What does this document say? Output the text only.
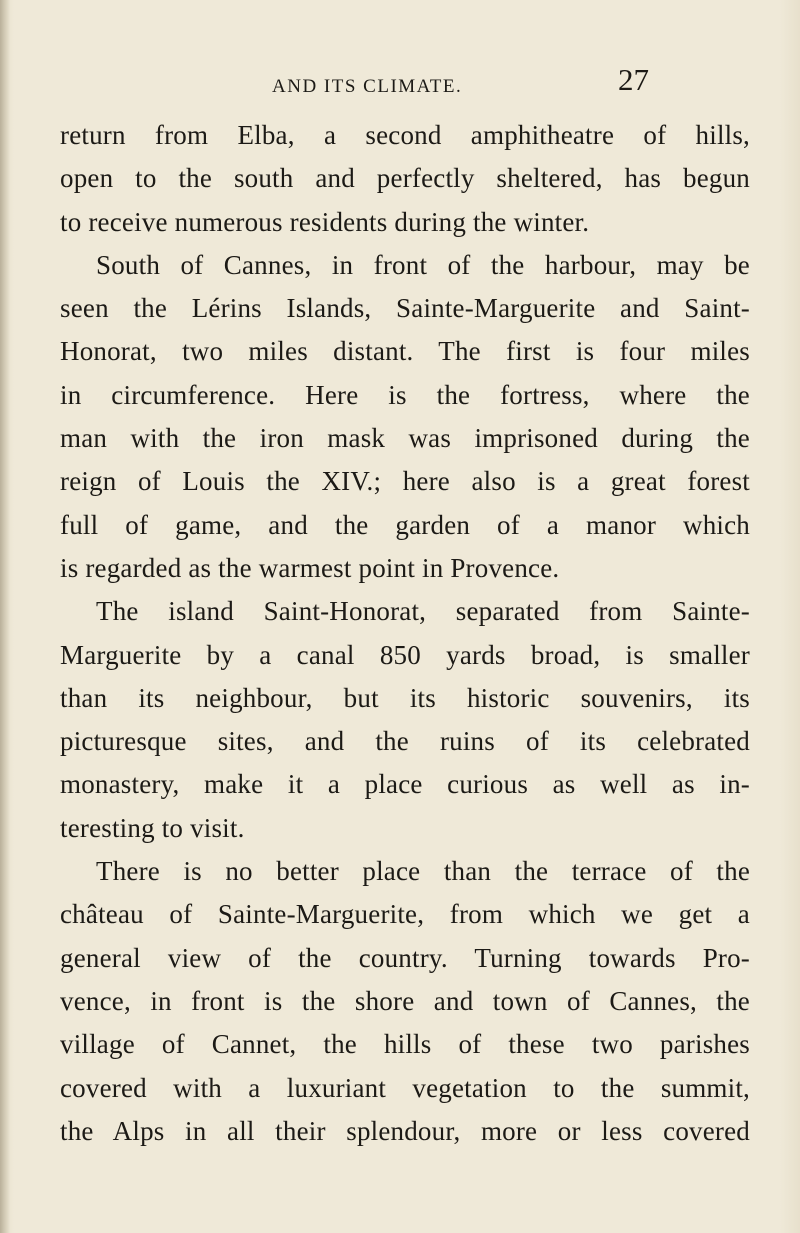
AND ITS CLIMATE.	27
return from Elba, a second amphitheatre of hills,
open to the south and perfectly sheltered, has begun
to receive numerous residents during the winter.
South of Cannes, in front of the harbour, may be
seen the Lérins Islands, Sainte-Marguerite and Saint-
Honorat, two miles distant. The first is four miles
in circumference. Here is the fortress, where the
man with the iron mask was imprisoned during the
reign of Louis the XIV.; here also is a great forest
full of game, and the garden of a manor which
is regarded as the warmest point in Provence.
The island Saint-Honorat, separated from Sainte-
Marguerite by a canal 850 yards broad, is smaller
than its neighbour, but its historic souvenirs, its
picturesque sites, and the ruins of its celebrated
monastery, make it a place curious as well as in-
teresting to visit.
There is no better place than the terrace of the
château of Sainte-Marguerite, from which we get a
general view of the country. Turning towards Pro-
vence, in front is the shore and town of Cannes, the
village of Cannet, the hills of these two parishes
covered with a luxuriant vegetation to the summit,
the Alps in all their splendour, more or less covered
